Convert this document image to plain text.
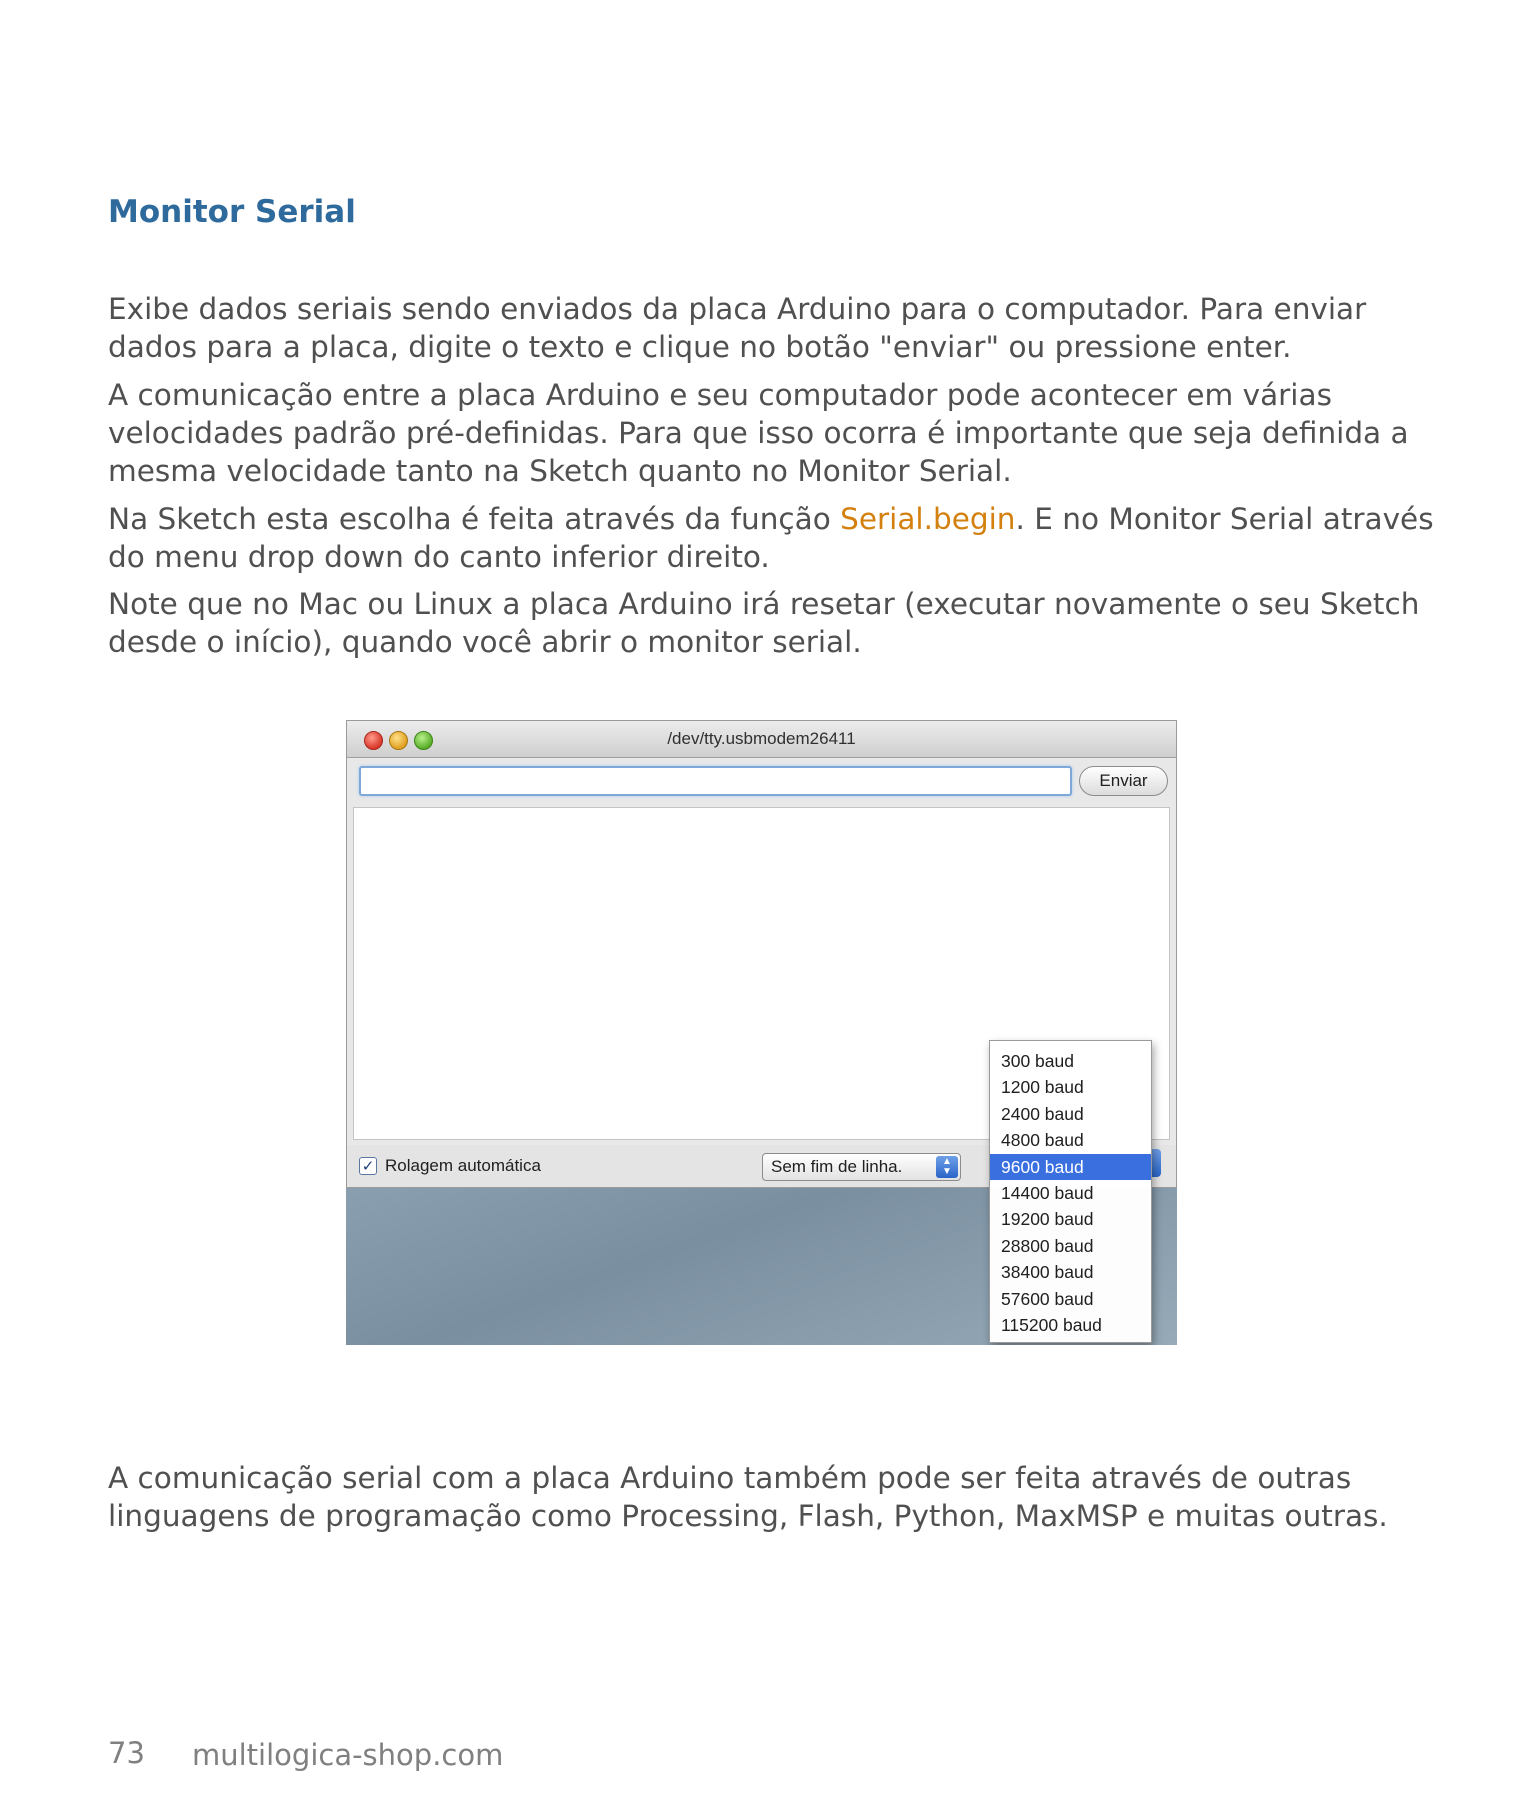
Monitor Serial

Exibe dados seriais sendo enviados da placa Arduino para o computador. Para enviar dados para a placa, digite o texto e clique no botão "enviar" ou pressione enter.

A comunicação entre a placa Arduino e seu computador pode acontecer em várias velocidades padrão pré-definidas. Para que isso ocorra é importante que seja definida a mesma velocidade tanto na Sketch quanto no Monitor Serial.

Na Sketch esta escolha é feita através da função Serial.begin. E no Monitor Serial através do menu drop down do canto inferior direito.

Note que no Mac ou Linux a placa Arduino irá resetar (executar novamente o seu Sketch desde o início), quando você abrir o monitor serial.

/dev/tty.usbmodem26411
Enviar
✓ Rolagem automática	Sem fim de linha.	▲
▼
300 baud
1200 baud
2400 baud
4800 baud
9600 baud
14400 baud
19200 baud
28800 baud
38400 baud
57600 baud
115200 baud

A comunicação serial com a placa Arduino também pode ser feita através de outras linguagens de programação como Processing, Flash, Python, MaxMSP e muitas outras.

73 multilogica-shop.com
